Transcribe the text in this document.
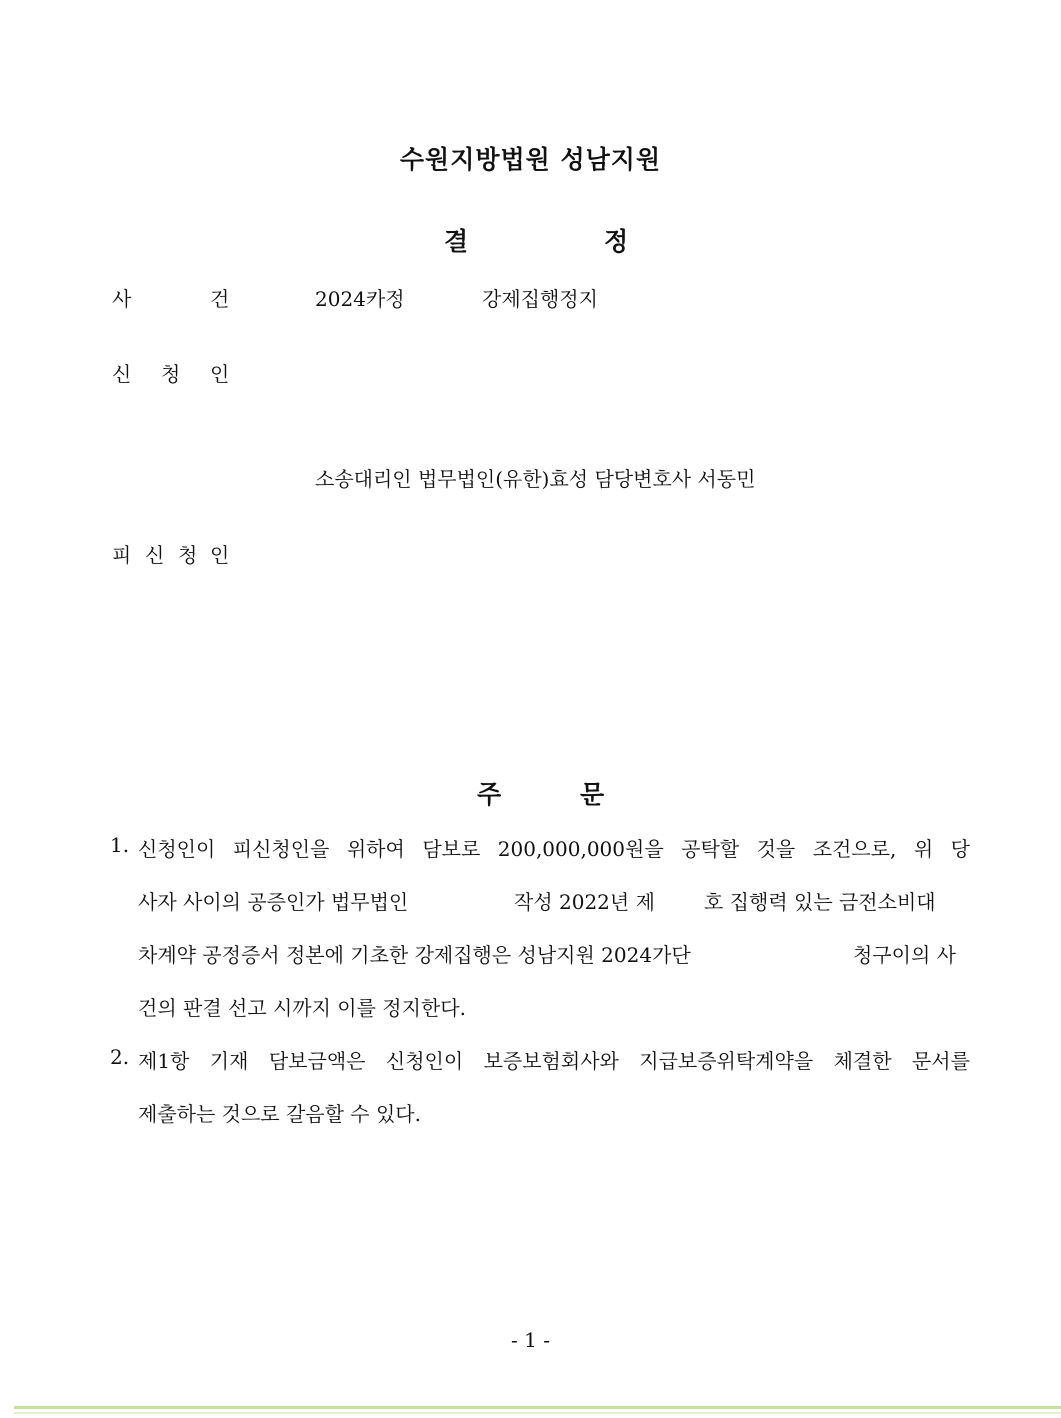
수원지방법원 성남지원
결	정
사	건	2024카정	강제집행정지
신 청 인
소송대리인 법무법인(유한)효성 담당변호사 서동민
피 신 청 인
주	문
1. 신청인이 피신청인을 위하여 담보로 200,000,000원을 공탁할 것을 조건으로, 위 당
사자 사이의 공증인가 법무법인	작성 2022년 제	호 집행력 있는 금전소비대
차계약 공정증서 정본에 기초한 강제집행은 성남지원 2024가단	청구이의 사
건의 판결 선고 시까지 이를 정지한다.
2. 제1항 기재 담보금액은 신청인이 보증보험회사와 지급보증위탁계약을 체결한 문서를
제출하는 것으로 갈음할 수 있다.
- 1 -
